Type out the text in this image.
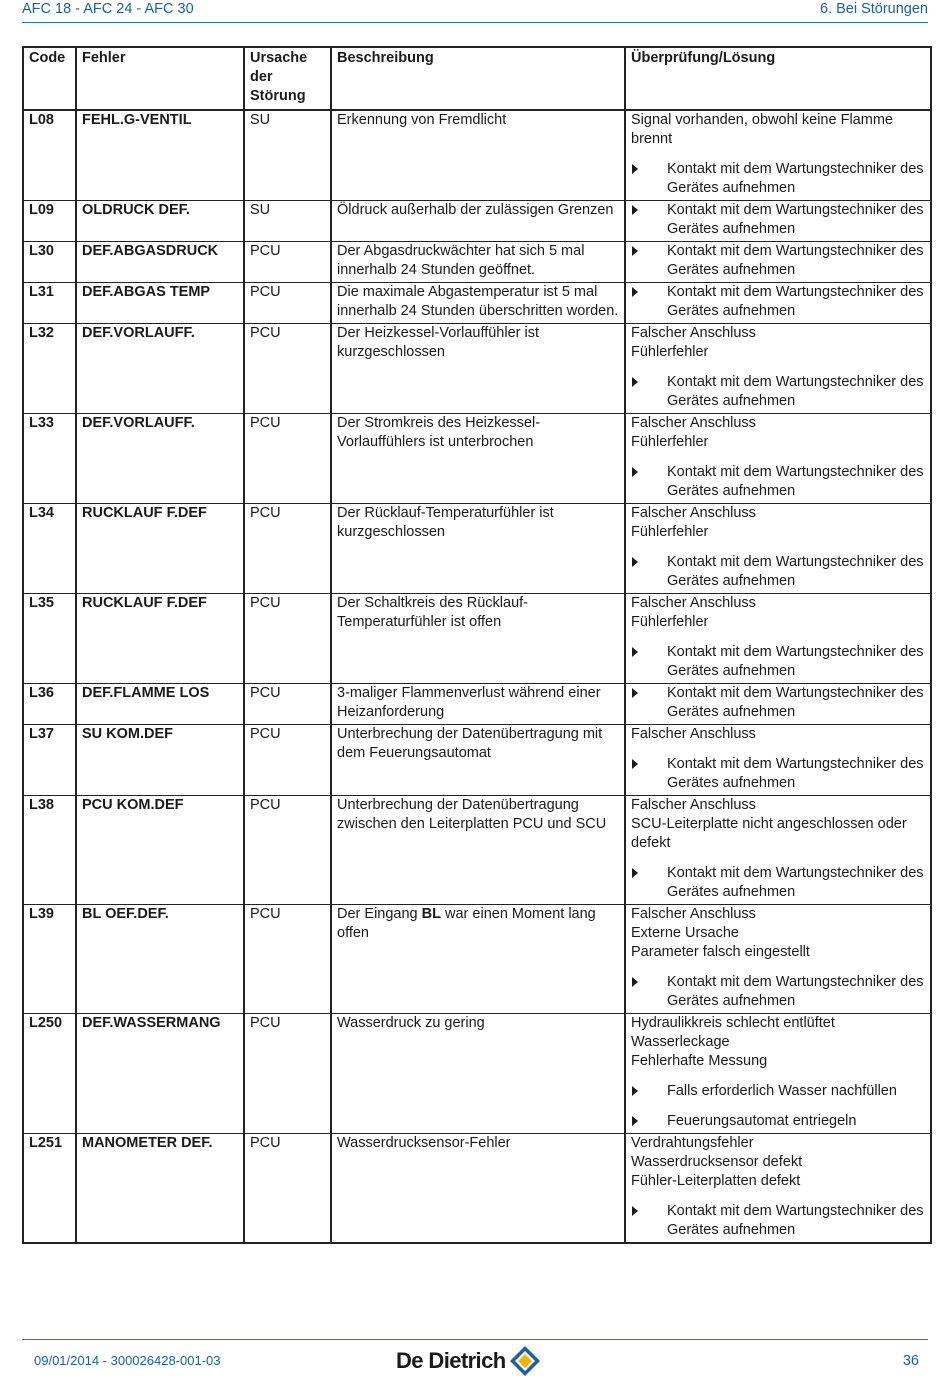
AFC 18 - AFC 24 - AFC 30	6. Bei Störungen
Code	Fehler	Ursache der Störung	Beschreibung	Überprüfung/Lösung
L08	FEHL.G-VENTIL	SU	Erkennung von Fremdlicht	Signal vorhanden, obwohl keine Flamme brennt
Kontakt mit dem Wartungstechniker des Gerätes aufnehmen

L09	OLDRUCK DEF.	SU	Öldruck außerhalb der zulässigen Grenzen	Kontakt mit dem Wartungstechniker des Gerätes aufnehmen

L30	DEF.ABGASDRUCK	PCU	Der Abgasdruckwächter hat sich 5 mal innerhalb 24 Stunden geöffnet.	Kontakt mit dem Wartungstechniker des Gerätes aufnehmen

L31	DEF.ABGAS TEMP	PCU	Die maximale Abgastemperatur ist 5 mal innerhalb 24 Stunden überschritten worden.	Kontakt mit dem Wartungstechniker des Gerätes aufnehmen

L32	DEF.VORLAUFF.	PCU	Der Heizkessel-Vorlauffühler ist kurzgeschlossen	Falscher Anschluss
Fühlerfehler
Kontakt mit dem Wartungstechniker des Gerätes aufnehmen

L33	DEF.VORLAUFF.	PCU	Der Stromkreis des Heizkessel-Vorlauffühlers ist unterbrochen	Falscher Anschluss
Fühlerfehler
Kontakt mit dem Wartungstechniker des Gerätes aufnehmen

L34	RUCKLAUF F.DEF	PCU	Der Rücklauf-Temperaturfühler ist kurzgeschlossen	Falscher Anschluss
Fühlerfehler
Kontakt mit dem Wartungstechniker des Gerätes aufnehmen

L35	RUCKLAUF F.DEF	PCU	Der Schaltkreis des Rücklauf-Temperaturfühler ist offen	Falscher Anschluss
Fühlerfehler
Kontakt mit dem Wartungstechniker des Gerätes aufnehmen

L36	DEF.FLAMME LOS	PCU	3-maliger Flammenverlust während einer Heizanforderung	Kontakt mit dem Wartungstechniker des Gerätes aufnehmen

L37	SU KOM.DEF	PCU	Unterbrechung der Datenübertragung mit dem Feuerungsautomat	Falscher Anschluss
Kontakt mit dem Wartungstechniker des Gerätes aufnehmen

L38	PCU KOM.DEF	PCU	Unterbrechung der Datenübertragung zwischen den Leiterplatten PCU und SCU	Falscher Anschluss
SCU-Leiterplatte nicht angeschlossen oder defekt
Kontakt mit dem Wartungstechniker des Gerätes aufnehmen

L39	BL OEF.DEF.	PCU	Der Eingang BL war einen Moment lang offen	Falscher Anschluss
Externe Ursache
Parameter falsch eingestellt
Kontakt mit dem Wartungstechniker des Gerätes aufnehmen

L250	DEF.WASSERMANG	PCU	Wasserdruck zu gering	Hydraulikkreis schlecht entlüftet
Wasserleckage
Fehlerhafte Messung
Falls erforderlich Wasser nachfüllen
Feuerungsautomat entriegeln

L251	MANOMETER DEF.	PCU	Wasserdrucksensor-Fehler	Verdrahtungsfehler
Wasserdrucksensor defekt
Fühler-Leiterplatten defekt
Kontakt mit dem Wartungstechniker des Gerätes aufnehmen
09/01/2014 - 300026428-001-03	De Dietrich	36
